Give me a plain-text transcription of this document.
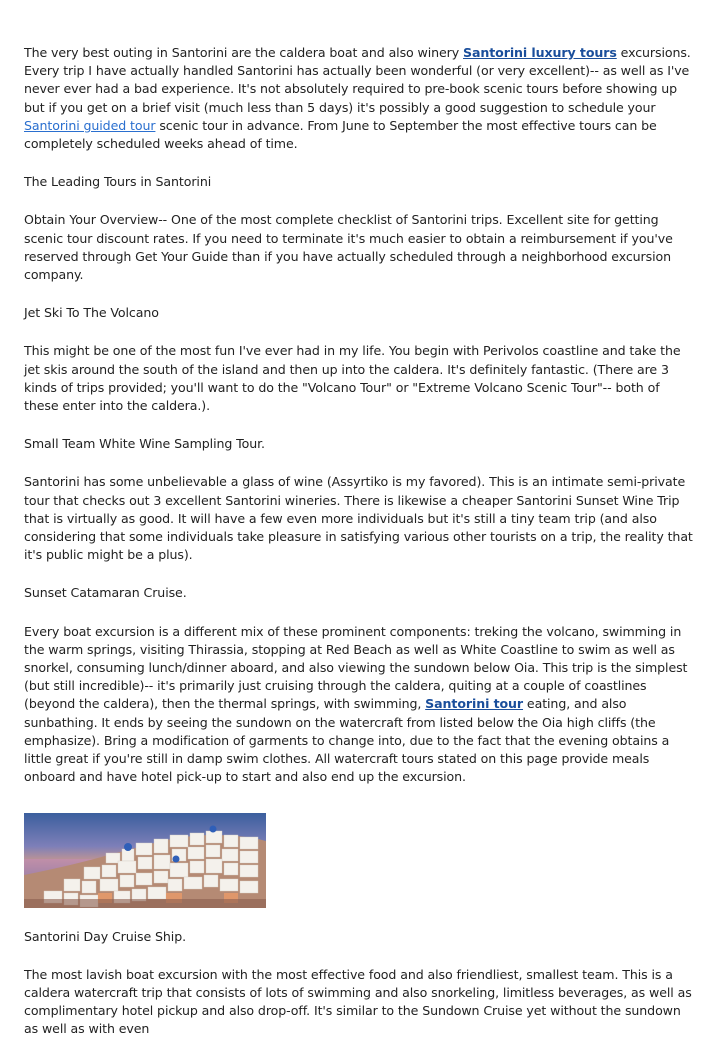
The very best outing in Santorini are the caldera boat and also winery Santorini luxury tours excursions. Every trip I have actually handled Santorini has actually been wonderful (or very excellent)-- as well as I've never ever had a bad experience. It's not absolutely required to pre-book scenic tours before showing up but if you get on a brief visit (much less than 5 days) it's possibly a good suggestion to schedule your Santorini guided tour scenic tour in advance. From June to September the most effective tours can be completely scheduled weeks ahead of time.

The Leading Tours in Santorini

Obtain Your Overview-- One of the most complete checklist of Santorini trips. Excellent site for getting scenic tour discount rates. If you need to terminate it's much easier to obtain a reimbursement if you've reserved through Get Your Guide than if you have actually scheduled through a neighborhood excursion company.

Jet Ski To The Volcano

This might be one of the most fun I've ever had in my life. You begin with Perivolos coastline and take the jet skis around the south of the island and then up into the caldera. It's definitely fantastic. (There are 3 kinds of trips provided; you'll want to do the "Volcano Tour" or "Extreme Volcano Scenic Tour"-- both of these enter into the caldera.).

Small Team White Wine Sampling Tour.

Santorini has some unbelievable a glass of wine (Assyrtiko is my favored). This is an intimate semi-private tour that checks out 3 excellent Santorini wineries. There is likewise a cheaper Santorini Sunset Wine Trip that is virtually as good. It will have a few even more individuals but it's still a tiny team trip (and also considering that some individuals take pleasure in satisfying various other tourists on a trip, the reality that it's public might be a plus).

Sunset Catamaran Cruise.

Every boat excursion is a different mix of these prominent components: treking the volcano, swimming in the warm springs, visiting Thirassia, stopping at Red Beach as well as White Coastline to swim as well as snorkel, consuming lunch/dinner aboard, and also viewing the sundown below Oia. This trip is the simplest (but still incredible)-- it's primarily just cruising through the caldera, quiting at a couple of coastlines (beyond the caldera), then the thermal springs, with swimming, Santorini tour eating, and also sunbathing. It ends by seeing the sundown on the watercraft from listed below the Oia high cliffs (the emphasize). Bring a modification of garments to change into, due to the fact that the evening obtains a little great if you're still in damp swim clothes. All watercraft tours stated on this page provide meals onboard and have hotel pick-up to start and also end up the excursion.

Santorini Day Cruise Ship.

The most lavish boat excursion with the most effective food and also friendliest, smallest team. This is a caldera watercraft trip that consists of lots of swimming and also snorkeling, limitless beverages, as well as complimentary hotel pickup and also drop-off. It's similar to the Sundown Cruise yet without the sundown as well as with even
